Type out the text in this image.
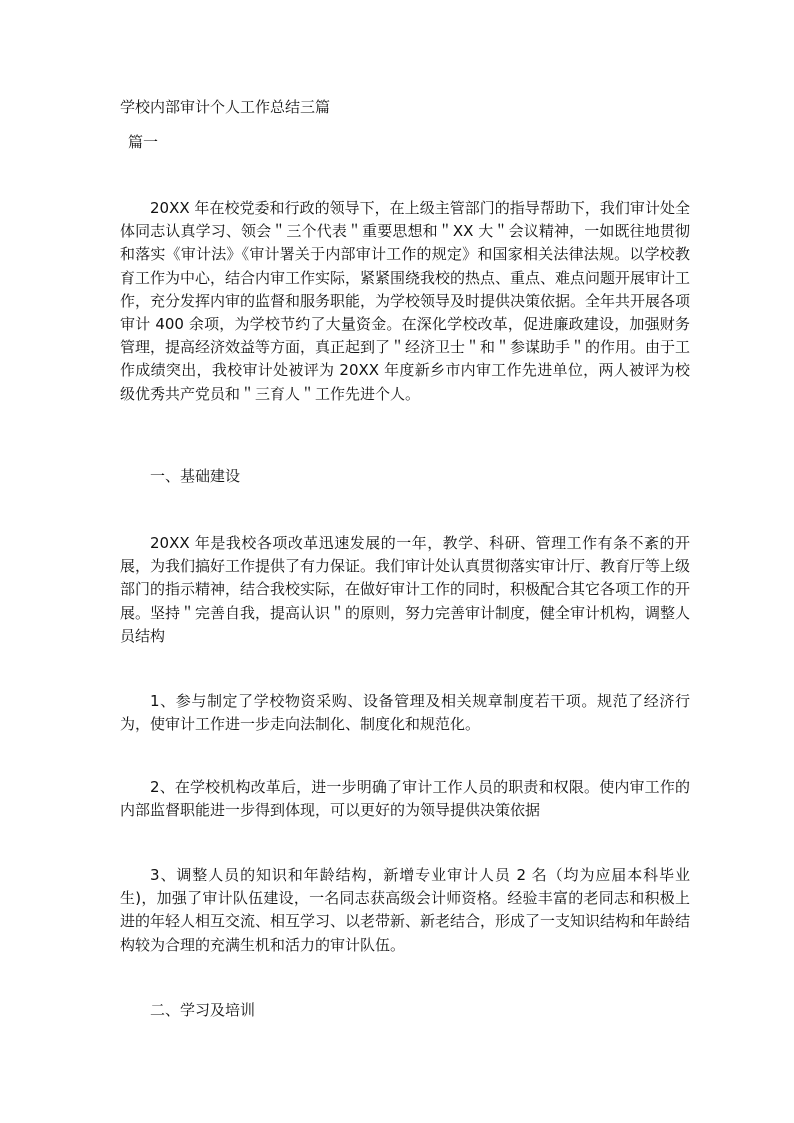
学校内部审计个人工作总结三篇
篇一

20XX 年在校党委和行政的领导下，在上级主管部门的指导帮助下，我们审计处全体同志认真学习、领会＂三个代表＂重要思想和＂XX 大＂会议精神，一如既往地贯彻和落实《审计法》《审计署关于内部审计工作的规定》和国家相关法律法规。以学校教育工作为中心，结合内审工作实际，紧紧围绕我校的热点、重点、难点问题开展审计工作，充分发挥内审的监督和服务职能，为学校领导及时提供决策依据。全年共开展各项审计 400 余项，为学校节约了大量资金。在深化学校改革，促进廉政建设，加强财务管理，提高经济效益等方面，真正起到了＂经济卫士＂和＂参谋助手＂的作用。由于工作成绩突出，我校审计处被评为 20XX 年度新乡市内审工作先进单位，两人被评为校级优秀共产党员和＂三育人＂工作先进个人。

一、基础建设

20XX 年是我校各项改革迅速发展的一年，教学、科研、管理工作有条不紊的开展，为我们搞好工作提供了有力保证。我们审计处认真贯彻落实审计厅、教育厅等上级部门的指示精神，结合我校实际，在做好审计工作的同时，积极配合其它各项工作的开展。坚持＂完善自我，提高认识＂的原则，努力完善审计制度，健全审计机构，调整人员结构

1、参与制定了学校物资采购、设备管理及相关规章制度若干项。规范了经济行为，使审计工作进一步走向法制化、制度化和规范化。

2、在学校机构改革后，进一步明确了审计工作人员的职责和权限。使内审工作的内部监督职能进一步得到体现，可以更好的为领导提供决策依据

3、调整人员的知识和年龄结构，新增专业审计人员 2 名（均为应届本科毕业生)，加强了审计队伍建设，一名同志获高级会计师资格。经验丰富的老同志和积极上进的年轻人相互交流、相互学习、以老带新、新老结合，形成了一支知识结构和年龄结构较为合理的充满生机和活力的审计队伍。

二、学习及培训
